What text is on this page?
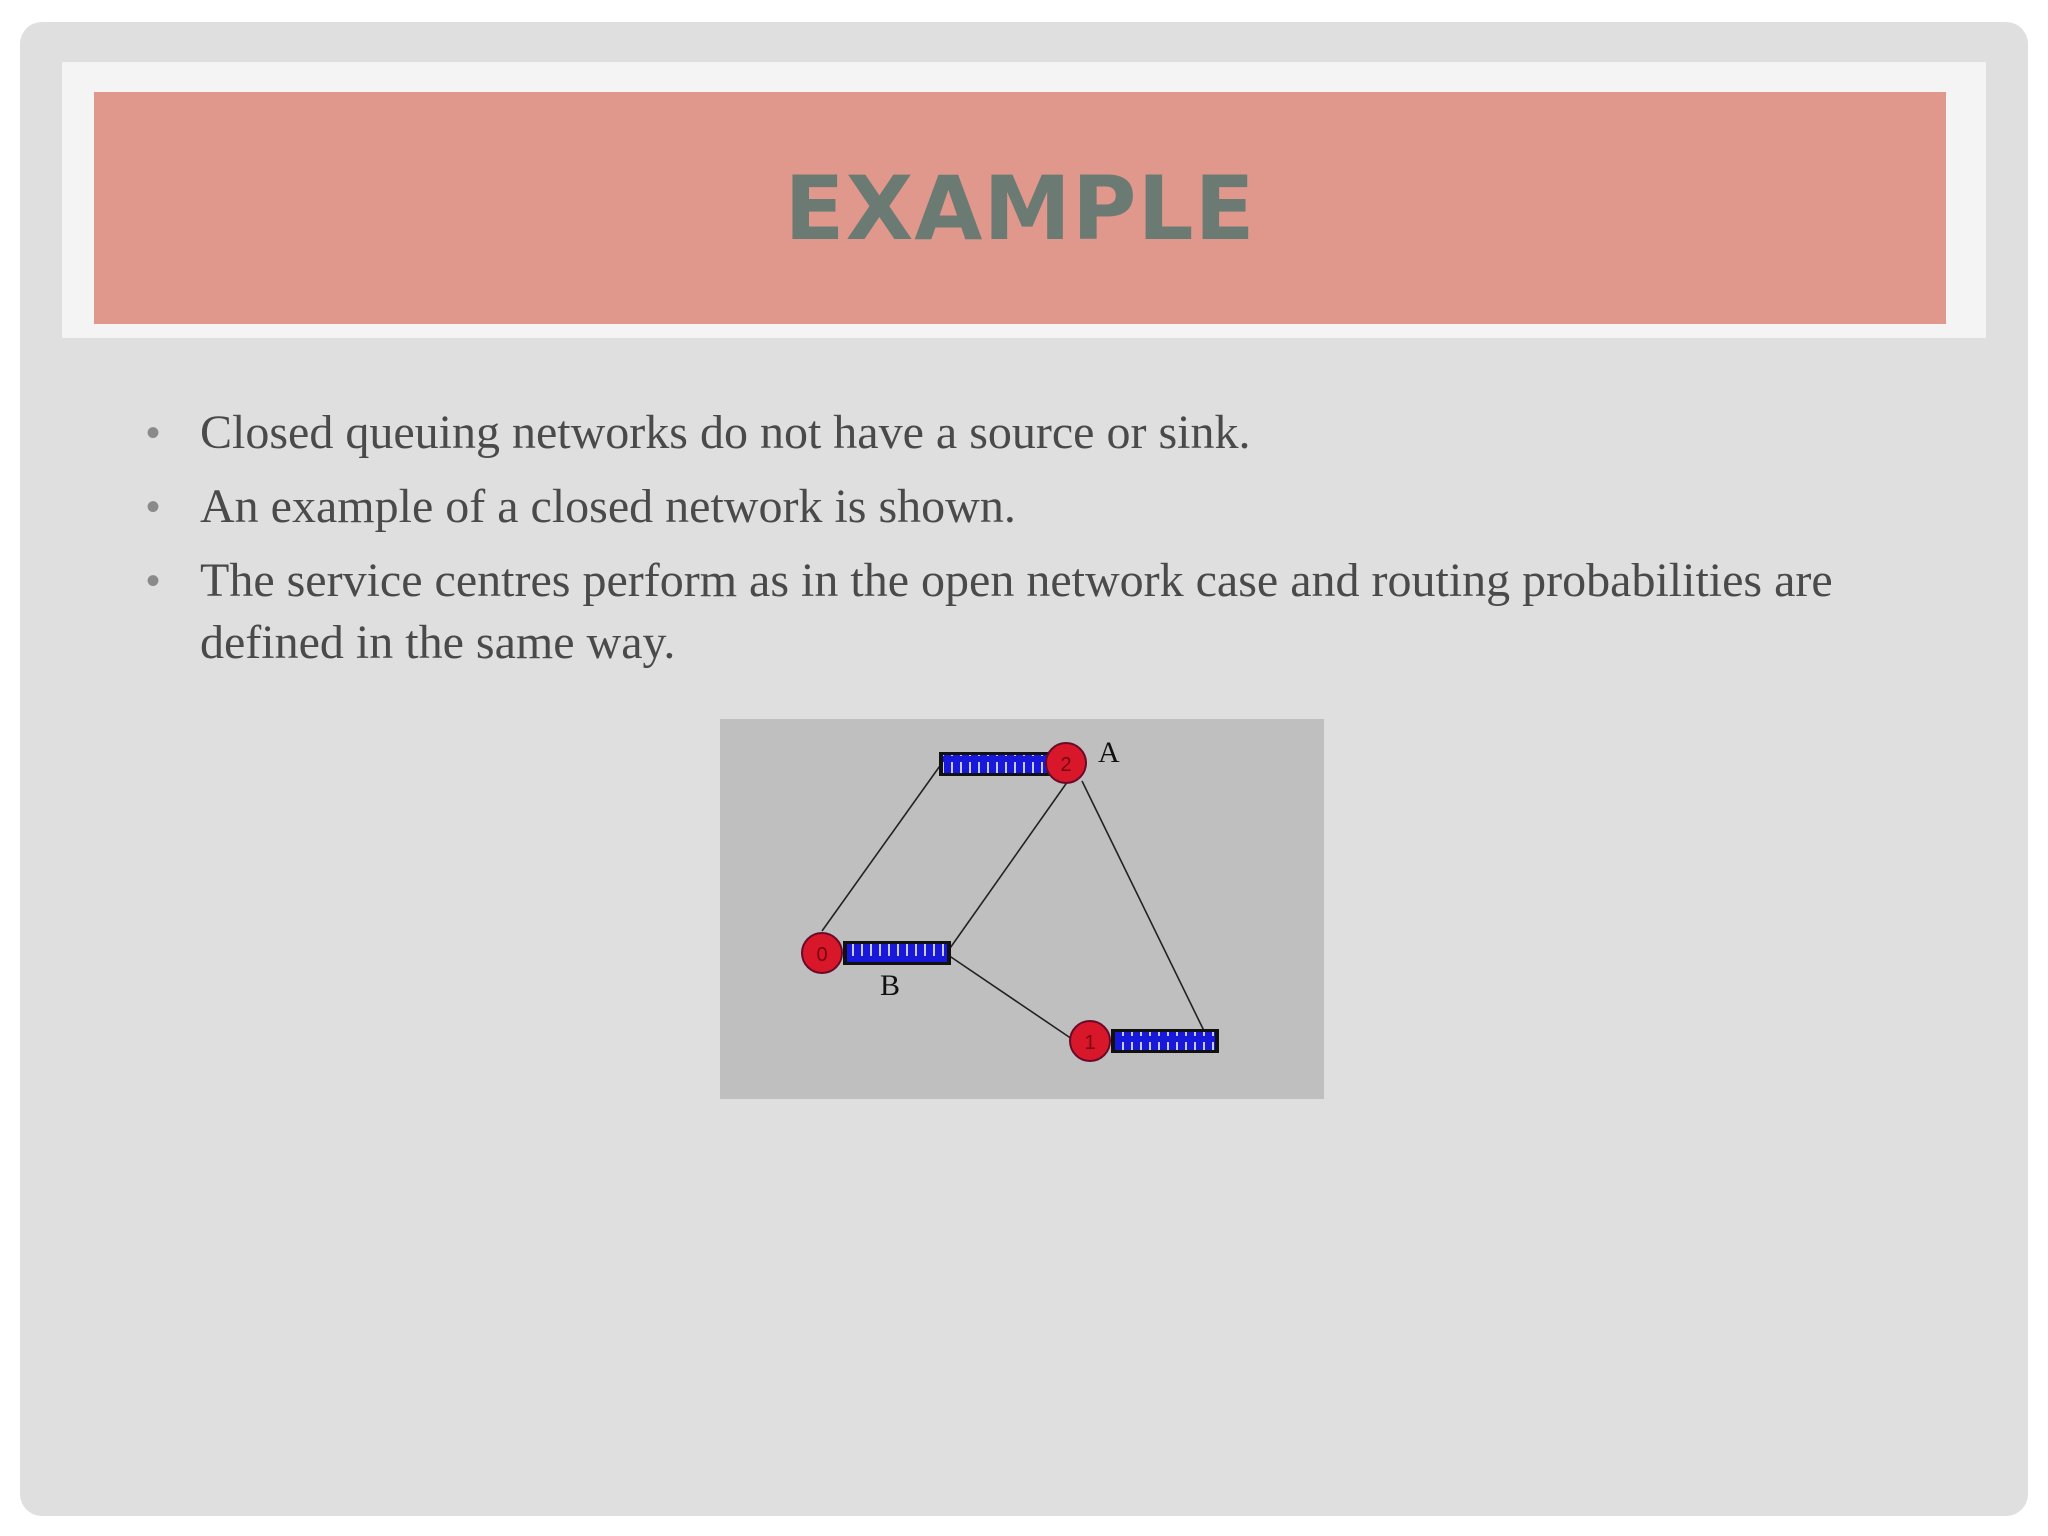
EXAMPLE
• Closed queuing networks do not have a source or sink.
• An example of a closed network is shown.
• The service centres perform as in the open network case and routing probabilities are defined in the same way.
2 A
0
B
1
